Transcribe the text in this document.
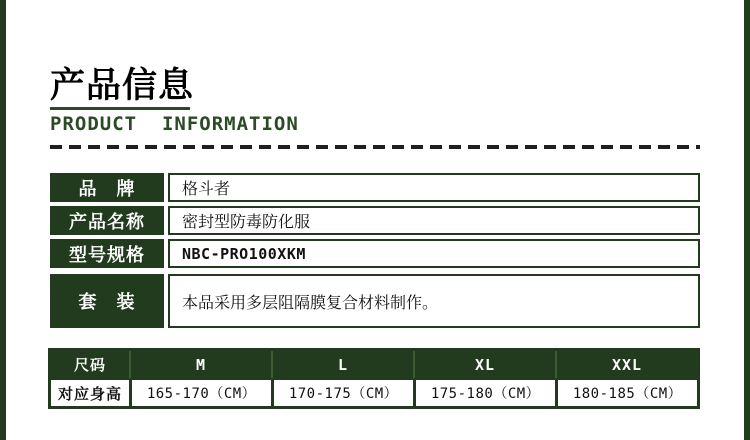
产品信息
PRODUCT  INFORMATION
品　牌	格斗者
产品名称	密封型防毒防化服
型号规格	NBC-PRO100XKM
套　装	本品采用多层阻隔膜复合材料制作。
尺码	M	L	XL	XXL
对应身高	165-170（CM）	170-175（CM）	175-180（CM）	180-185（CM）
